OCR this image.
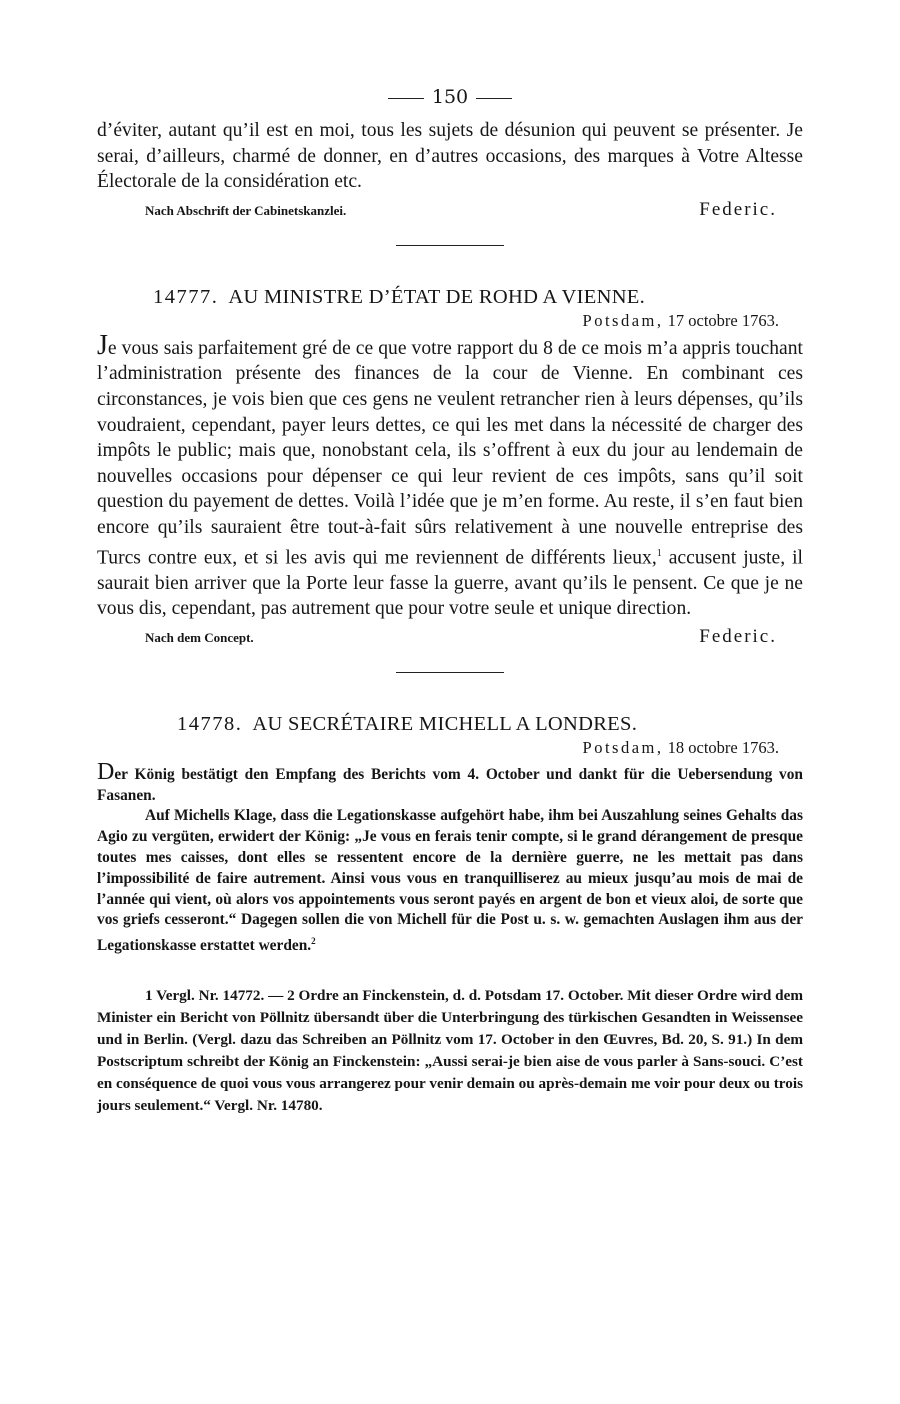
150

d’éviter, autant qu’il est en moi, tous les sujets de désunion qui peuvent se présenter. Je serai, d’ailleurs, charmé de donner, en d’autres occasions, des marques à Votre Altesse Électorale de la considération etc.

Nach Abschrift der Cabinetskanzlei.	Federic.
14777. AU MINISTRE D’ÉTAT DE ROHD A VIENNE.
Potsdam, 17 octobre 1763.

Je vous sais parfaitement gré de ce que votre rapport du 8 de ce mois m’a appris touchant l’administration présente des finances de la cour de Vienne. En combinant ces circonstances, je vois bien que ces gens ne veulent retrancher rien à leurs dépenses, qu’ils voudraient, cependant, payer leurs dettes, ce qui les met dans la nécessité de charger des impôts le public; mais que, nonobstant cela, ils s’offrent à eux du jour au lendemain de nouvelles occasions pour dépenser ce qui leur revient de ces impôts, sans qu’il soit question du payement de dettes. Voilà l’idée que je m’en forme. Au reste, il s’en faut bien encore qu’ils sauraient être tout-à-fait sûrs relativement à une nouvelle entreprise des Turcs contre eux, et si les avis qui me reviennent de différents lieux,$^1$ accusent juste, il saurait bien arriver que la Porte leur fasse la guerre, avant qu’ils le pensent. Ce que je ne vous dis, cependant, pas autrement que pour votre seule et unique direction.

Nach dem Concept.	Federic.
14778. AU SECRÉTAIRE MICHELL A LONDRES.
Potsdam, 18 octobre 1763.

Der König bestätigt den Empfang des Berichts vom 4. October und dankt für die Uebersendung von Fasanen.

Auf Michells Klage, dass die Legationskasse aufgehört habe, ihm bei Auszahlung seines Gehalts das Agio zu vergüten, erwidert der König: „Je vous en ferais tenir compte, si le grand dérangement de presque toutes mes caisses, dont elles se ressentent encore de la dernière guerre, ne les mettait pas dans l’impossibilité de faire autrement. Ainsi vous vous en tranquilliserez au mieux jusqu’au mois de mai de l’année qui vient, où alors vos appointements vous seront payés en argent de bon et vieux aloi, de sorte que vos griefs cesseront.“ Dagegen sollen die von Michell für die Post u. s. w. gemachten Auslagen ihm aus der Legationskasse erstattet werden.$^2$

1 Vergl. Nr. 14772. — 2 Ordre an Finckenstein, d. d. Potsdam 17. October. Mit dieser Ordre wird dem Minister ein Bericht von Pöllnitz übersandt über die Unterbringung des türkischen Gesandten in Weissensee und in Berlin. (Vergl. dazu das Schreiben an Pöllnitz vom 17. October in den Œuvres, Bd. 20, S. 91.) In dem Postscriptum schreibt der König an Finckenstein: „Aussi serai-je bien aise de vous parler à Sans-souci. C’est en conséquence de quoi vous vous arrangerez pour venir demain ou après-demain me voir pour deux ou trois jours seulement.“ Vergl. Nr. 14780.
